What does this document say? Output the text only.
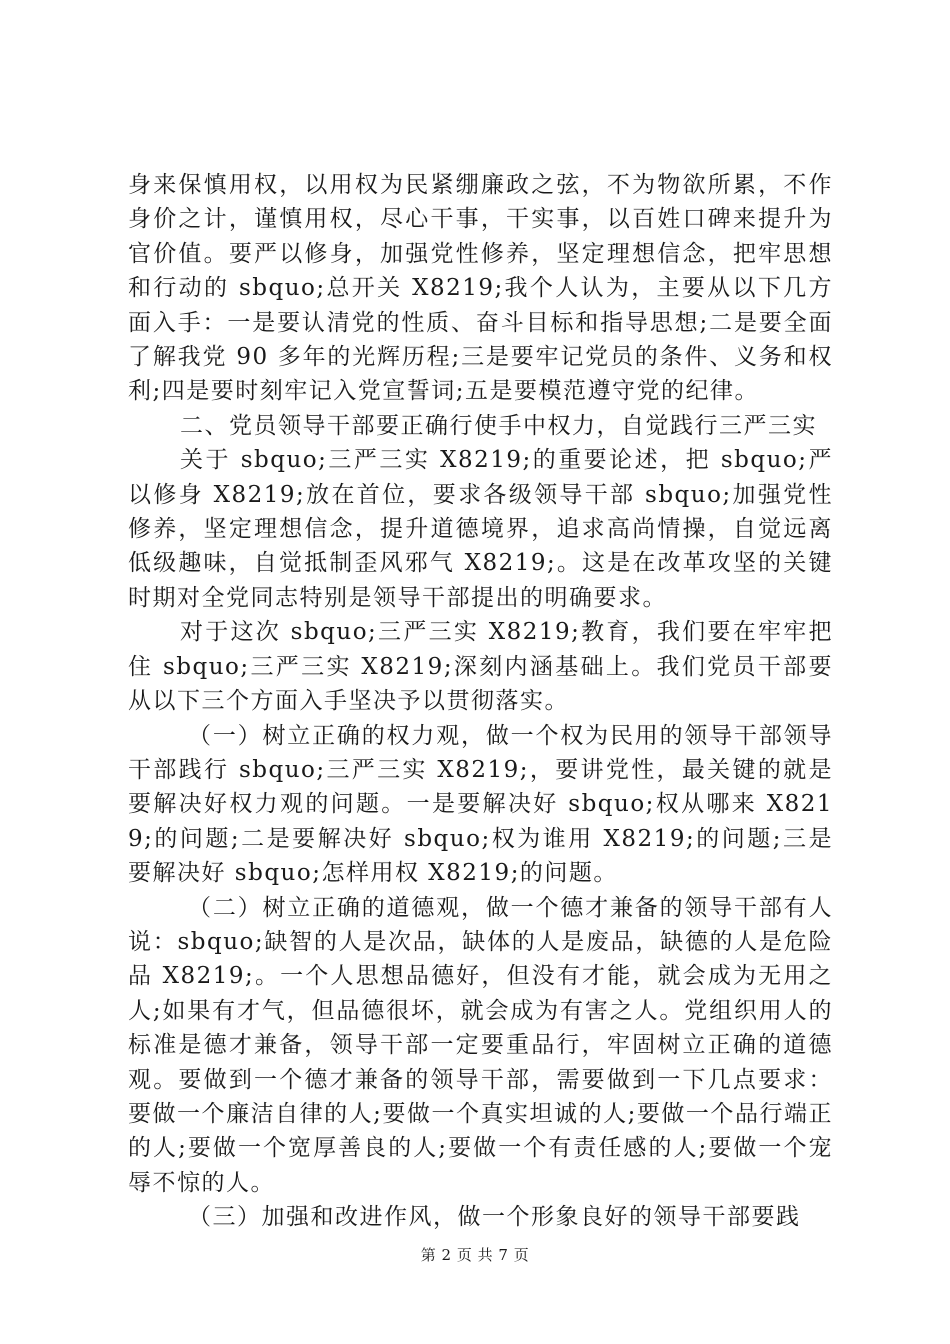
身来保慎用权，以用权为民紧绷廉政之弦，不为物欲所累，不作身价之计，谨慎用权，尽心干事，干实事，以百姓口碑来提升为官价值。要严以修身，加强党性修养，坚定理想信念，把牢思想和行动的 sbquo;总开关 X8219;我个人认为，主要从以下几方面入手：一是要认清党的性质、奋斗目标和指导思想;二是要全面了解我党 90 多年的光辉历程;三是要牢记党员的条件、义务和权利;四是要时刻牢记入党宣誓词;五是要模范遵守党的纪律。

二、党员领导干部要正确行使手中权力，自觉践行三严三实

关于 sbquo;三严三实 X8219;的重要论述，把 sbquo;严以修身 X8219;放在首位，要求各级领导干部 sbquo;加强党性修养，坚定理想信念，提升道德境界，追求高尚情操，自觉远离低级趣味，自觉抵制歪风邪气 X8219;。这是在改革攻坚的关键时期对全党同志特别是领导干部提出的明确要求。

对于这次 sbquo;三严三实 X8219;教育，我们要在牢牢把住 sbquo;三严三实 X8219;深刻内涵基础上。我们党员干部要从以下三个方面入手坚决予以贯彻落实。

（一）树立正确的权力观，做一个权为民用的领导干部领导干部践行 sbquo;三严三实 X8219;，要讲党性，最关键的就是要解决好权力观的问题。一是要解决好 sbquo;权从哪来 X8219;的问题;二是要解决好 sbquo;权为谁用 X8219;的问题;三是要解决好 sbquo;怎样用权 X8219;的问题。

（二）树立正确的道德观，做一个德才兼备的领导干部有人说：sbquo;缺智的人是次品，缺体的人是废品，缺德的人是危险品 X8219;。一个人思想品德好，但没有才能，就会成为无用之人;如果有才气，但品德很坏，就会成为有害之人。党组织用人的标准是德才兼备，领导干部一定要重品行，牢固树立正确的道德观。要做到一个德才兼备的领导干部，需要做到一下几点要求：要做一个廉洁自律的人;要做一个真实坦诚的人;要做一个品行端正的人;要做一个宽厚善良的人;要做一个有责任感的人;要做一个宠辱不惊的人。

（三）加强和改进作风，做一个形象良好的领导干部要践

第 2 页 共 7 页
